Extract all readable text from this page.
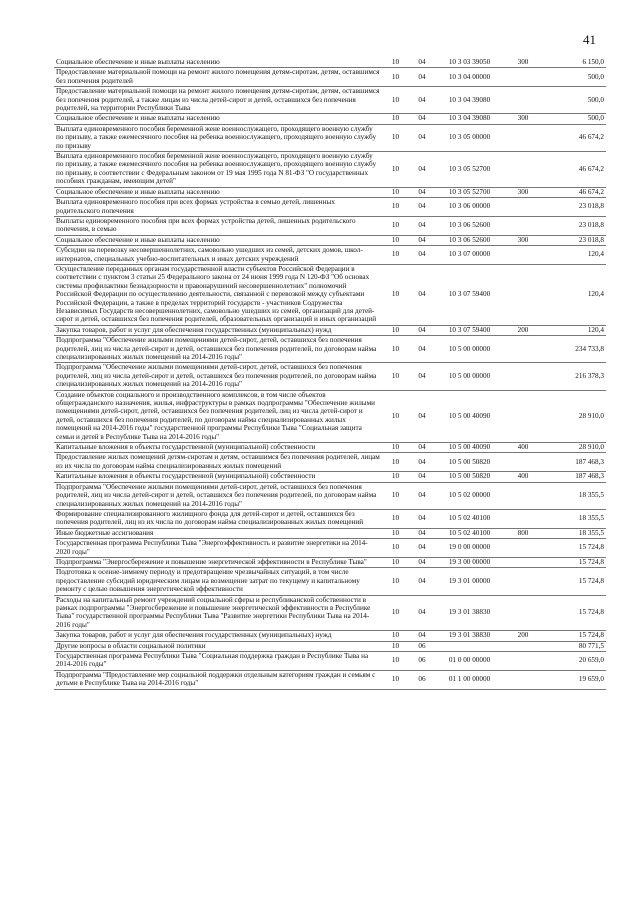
41
Социальное обеспечение и иные выплаты населению	10	04	10 3 03 39050	300	6 150,0
Предоставление материальной помощи на ремонт жилого помещения детям-сиротам, детям, оставшимся без попечения родителей	10	04	10 3 04 00000		500,0
Предоставление материальной помощи на ремонт жилого помещения детям-сиротам, детям, оставшимся без попечения родителей, а также лицам из числа детей-сирот и детей, оставшихся без попечения родителей, на территории Республики Тыва	10	04	10 3 04 39080		500,0
Социальное обеспечение и иные выплаты населению	10	04	10 3 04 39080	300	500,0
Выплата единовременного пособия беременной жене военнослужащего, проходящего военную службу по призыву, а также ежемесячного пособия на ребенка военнослужащего, проходящего военную службу по призыву	10	04	10 3 05 00000		46 674,2
Выплата единовременного пособия беременной жене военнослужащего, проходящего военную службу по призыву, а также ежемесячного пособия на ребенка военнослужащего, проходящего военную службу по призыву, в соответствии с Федеральным законом от 19 мая 1995 года N 81-ФЗ "О государственных пособиях гражданам, имеющим детей"	10	04	10 3 05 52700		46 674,2
Социальное обеспечение и иные выплаты населению	10	04	10 3 05 52700	300	46 674,2
Выплата единовременного пособия при всех формах устройства в семью детей, лишенных родительского попечения	10	04	10 3 06 00000		23 018,8
Выплаты единовременного пособия при всех формах устройства детей, лишенных родительского попечения, в семью	10	04	10 3 06 52600		23 018,8
Социальное обеспечение и иные выплаты населению	10	04	10 3 06 52600	300	23 018,8
Субсидии на перевозку несовершеннолетних, самовольно ушедших из семей, детских домов, школ-интернатов, специальных учебно-воспитательных и иных детских учреждений	10	04	10 3 07 00000		120,4
Осуществление переданных органам государственной власти субъектов Российской Федерации в соответствии с пунктом 3 статьи 25 Федерального закона от 24 июня 1999 года N 120-ФЗ "Об основах системы профилактики безнадзорности и правонарушений несовершеннолетних" полномочий Российской Федерации по осуществлению деятельности, связанной с перевозкой между субъектами Российской Федерации, а также в пределах территорий государств - участников Содружества Независимых Государств несовершеннолетних, самовольно ушедших из семей, организаций для детей-сирот и детей, оставшихся без попечения родителей, образовательных организаций и иных организаций	10	04	10 3 07 59400		120,4
Закупка товаров, работ и услуг для обеспечения государственных (муниципальных) нужд	10	04	10 3 07 59400	200	120,4
Подпрограмма "Обеспечение жилыми помещениями детей-сирот, детей, оставшихся без попечения родителей, лиц из числа детей-сирот и детей, оставшихся без попечения родителей, по договорам найма специализированных жилых помещений на 2014-2016 годы"	10	04	10 5 00 00000		234 733,8
Подпрограмма "Обеспечение жилыми помещениями детей-сирот, детей, оставшихся без попечения родителей, лиц из числа детей-сирот и детей, оставшихся без попечения родителей, по договорам найма специализированных жилых помещений на 2014-2016 годы"	10	04	10 5 00 00000		216 378,3
Создание объектов социального и производственного комплексов, в том числе объектов общегражданского назначения, жилья, инфраструктуры в рамках подпрограммы "Обеспечение жилыми помещениями детей-сирот, детей, оставшихся без попечения родителей, лиц из числа детей-сирот и детей, оставшихся без попечения родителей, по договорам найма специализированных жилых помещений на 2014-2016 годы" государственной программы Республики Тыва "Социальная защита семьи и детей в Республике Тыва на 2014-2016 годы"	10	04	10 5 00 40090		28 910,0
Капитальные вложения в объекты государственной (муниципальной) собственности	10	04	10 5 00 40090	400	28 910,0
Предоставление жилых помещений детям-сиротам и детям, оставшимся без попечения родителей, лицам из их числа по договорам найма специализированных жилых помещений	10	04	10 5 00 50820		187 468,3
Капитальные вложения в объекты государственной (муниципальной) собственности	10	04	10 5 00 50820	400	187 468,3
Подпрограмма "Обеспечение жилыми помещениями детей-сирот, детей, оставшихся без попечения родителей, лиц из числа детей-сирот и детей, оставшихся без попечения родителей, по договорам найма специализированных жилых помещений на 2014-2016 годы"	10	04	10 5 02 00000		18 355,5
Формирование специализированного жилищного фонда для детей-сирот и детей, оставшихся без попечения родителей, лиц из их числа по договорам найма специализированных жилых помещений	10	04	10 5 02 40100		18 355,5
Иные бюджетные ассигнования	10	04	10 5 02 40100	800	18 355,5
Государственная программа Республики Тыва "Энергоэффективность и развитие энергетики на 2014-2020 годы"	10	04	19 0 00 00000		15 724,8
Подпрограмма "Энергосбережение и повышение энергетической эффективности в Республике Тыва"	10	04	19 3 00 00000		15 724,8
Подготовка к осенне-зимнему периоду и предотвращение чрезвычайных ситуаций, в том числе предоставление субсидий юридическим лицам на возмещение затрат по текущему и капитальному ремонту с целью повышения энергетической эффективности	10	04	19 3 01 00000		15 724,8
Расходы на капитальный ремонт учреждений социальной сферы и республиканской собственности в рамках подпрограммы "Энергосбережение и повышение энергетической эффективности в Республике Тыва" государственной программы Республики Тыва "Развитие энергетики Республики Тыва на 2014-2016 годы"	10	04	19 3 01 38830		15 724,8
Закупка товаров, работ и услуг для обеспечения государственных (муниципальных) нужд	10	04	19 3 01 38830	200	15 724,8
Другие вопросы в области социальной политики	10	06			80 771,5
Государственная программа Республики Тыва "Социальная поддержка граждан в Республике Тыва на 2014-2016 годы"	10	06	01 0 00 00000		20 659,0
Подпрограмма "Предоставление мер социальной поддержки отдельным категориям граждан и семьям с детьми в Республике Тыва на 2014-2016 годы"	10	06	01 1 00 00000		19 659,0
